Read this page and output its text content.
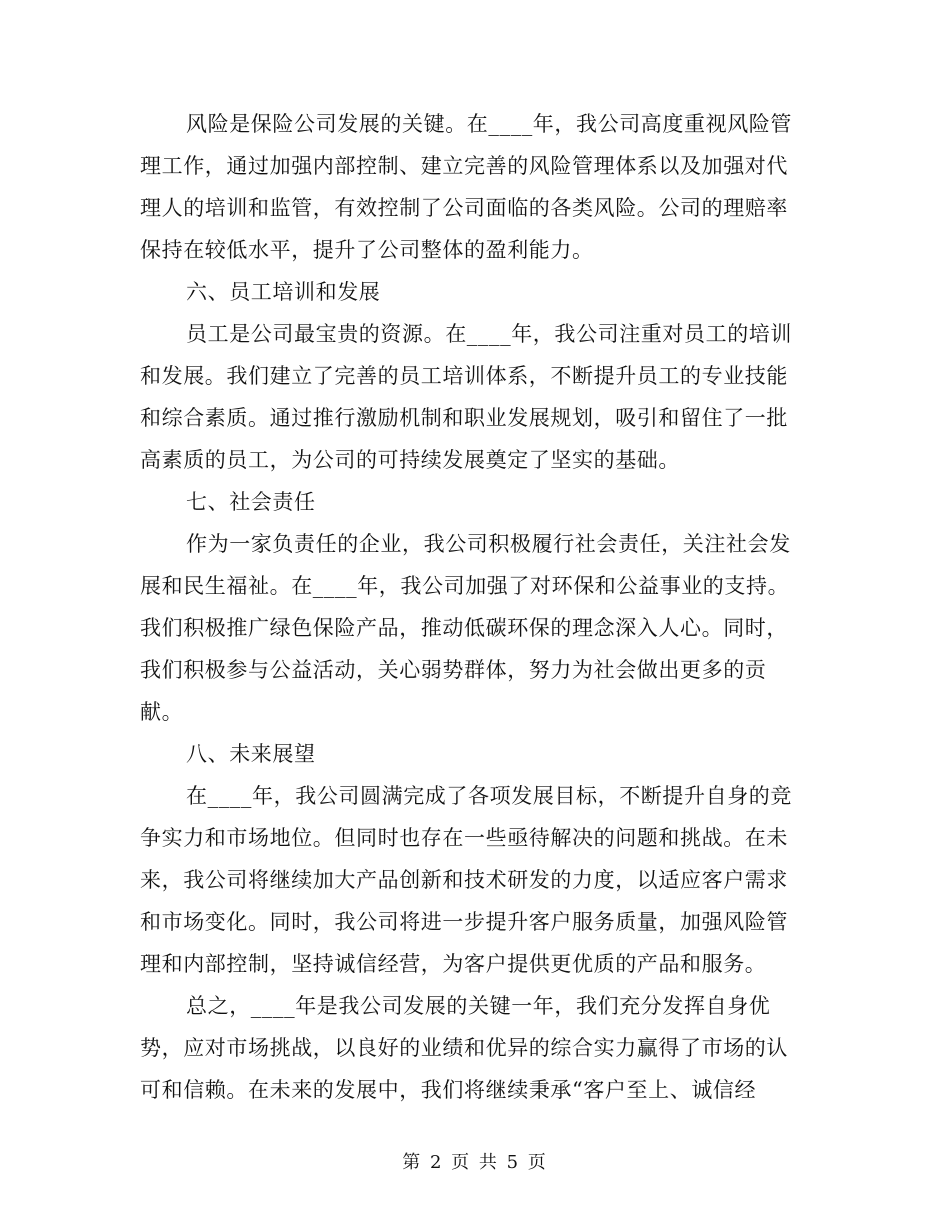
风险是保险公司发展的关键。在____年，我公司高度重视风险管理工作，通过加强内部控制、建立完善的风险管理体系以及加强对代理人的培训和监管，有效控制了公司面临的各类风险。公司的理赔率保持在较低水平，提升了公司整体的盈利能力。

六、员工培训和发展

员工是公司最宝贵的资源。在____年，我公司注重对员工的培训和发展。我们建立了完善的员工培训体系，不断提升员工的专业技能和综合素质。通过推行激励机制和职业发展规划，吸引和留住了一批高素质的员工，为公司的可持续发展奠定了坚实的基础。

七、社会责任

作为一家负责任的企业，我公司积极履行社会责任，关注社会发展和民生福祉。在____年，我公司加强了对环保和公益事业的支持。我们积极推广绿色保险产品，推动低碳环保的理念深入人心。同时，我们积极参与公益活动，关心弱势群体，努力为社会做出更多的贡献。

八、未来展望

在____年，我公司圆满完成了各项发展目标，不断提升自身的竞争实力和市场地位。但同时也存在一些亟待解决的问题和挑战。在未来，我公司将继续加大产品创新和技术研发的力度，以适应客户需求和市场变化。同时，我公司将进一步提升客户服务质量，加强风险管理和内部控制，坚持诚信经营，为客户提供更优质的产品和服务。

总之，____年是我公司发展的关键一年，我们充分发挥自身优势，应对市场挑战，以良好的业绩和优异的综合实力赢得了市场的认可和信赖。在未来的发展中，我们将继续秉承“客户至上、诚信经

第 2 页 共 5 页
